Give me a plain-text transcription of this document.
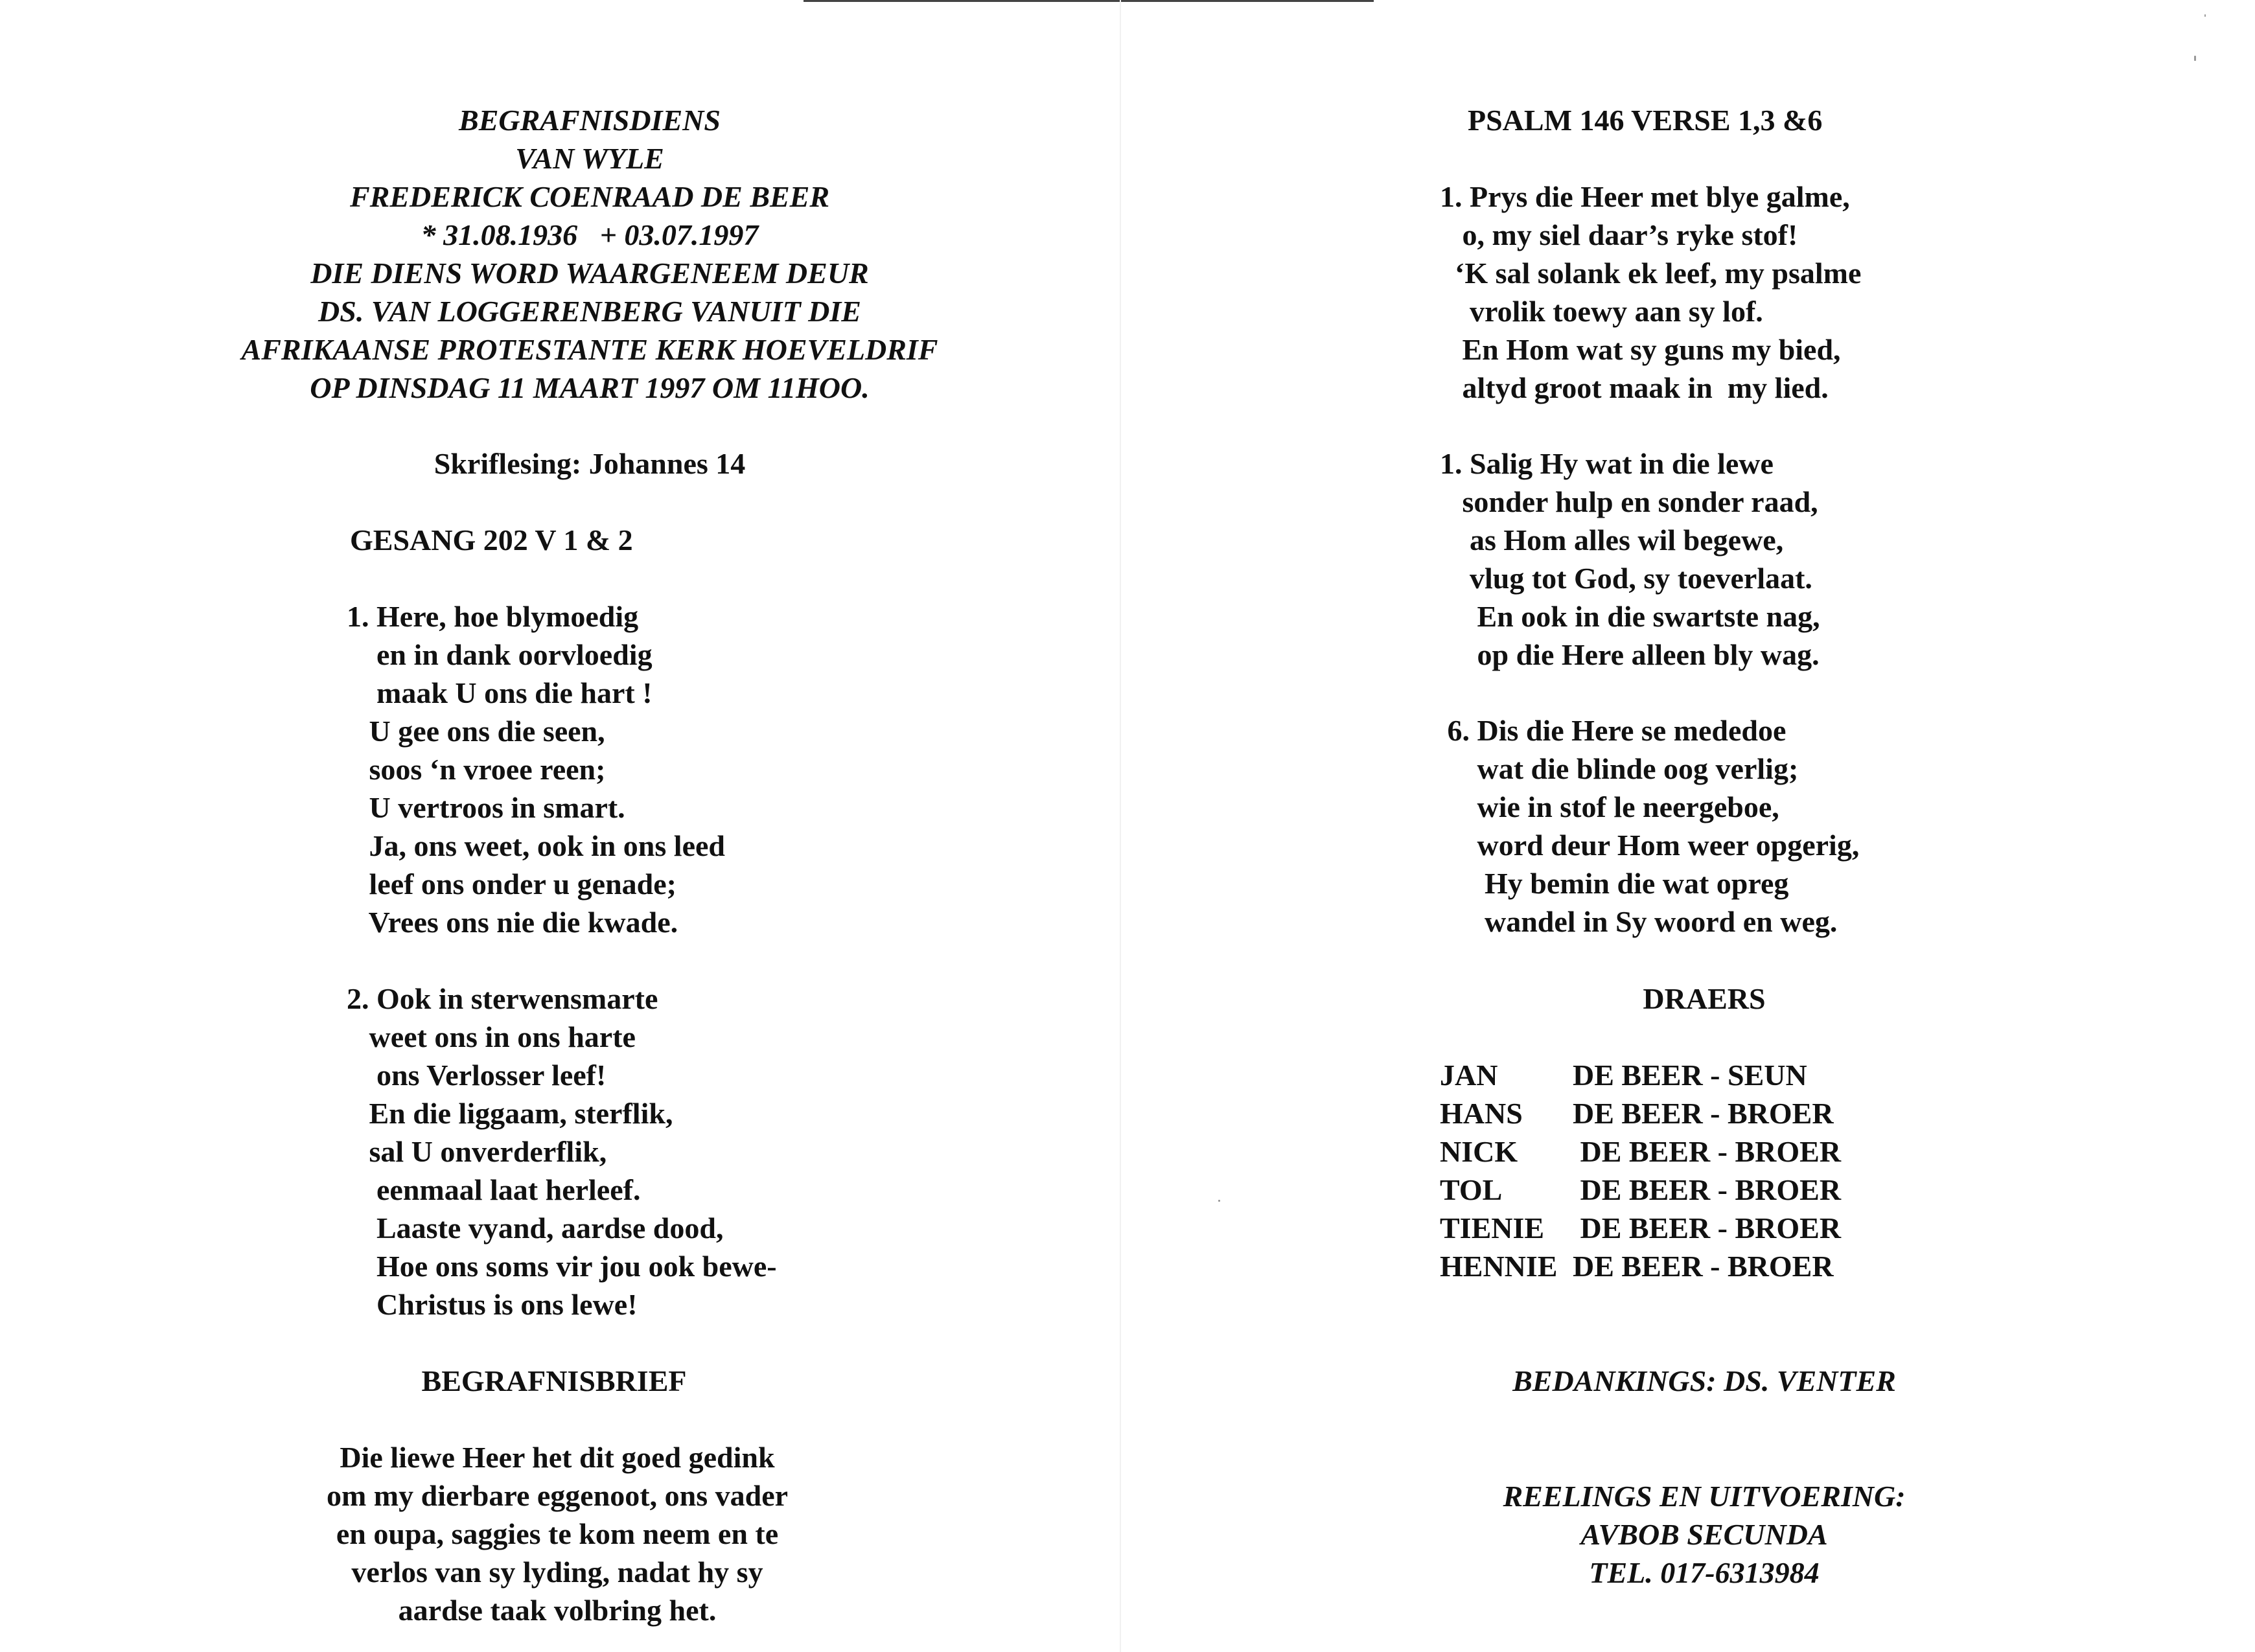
BEGRAFNISDIENS
VAN WYLE
FREDERICK COENRAAD DE BEER
* 31.08.1936   + 03.07.1997
DIE DIENS WORD WAARGENEEM DEUR
DS. VAN LOGGERENBERG VANUIT DIE
AFRIKAANSE PROTESTANTE KERK HOEVELDRIF
OP DINSDAG 11 MAART 1997 OM 11HOO.
Skriflesing: Johannes 14
GESANG 202 V 1 & 2
1. Here, hoe blymoedig
en in dank oorvloedig
maak U ons die hart !
U gee ons die seen,
soos ‘n vroee reen;
U vertroos in smart.
Ja, ons weet, ook in ons leed
leef ons onder u genade;
Vrees ons nie die kwade.
2. Ook in sterwensmarte
weet ons in ons harte
ons Verlosser leef!
En die liggaam, sterflik,
sal U onverderflik,
eenmaal laat herleef.
Laaste vyand, aardse dood,
Hoe ons soms vir jou ook bewe-
Christus is ons lewe!
BEGRAFNISBRIEF
Die liewe Heer het dit goed gedink
om my dierbare eggenoot, ons vader
en oupa, saggies te kom neem en te
verlos van sy lyding, nadat hy sy
aardse taak volbring het.
PSALM 146 VERSE 1,3 &6
1. Prys die Heer met blye galme,
o, my siel daar’s ryke stof!
‘K sal solank ek leef, my psalme
vrolik toewy aan sy lof.
En Hom wat sy guns my bied,
altyd groot maak in  my lied.
1. Salig Hy wat in die lewe
sonder hulp en sonder raad,
as Hom alles wil begewe,
vlug tot God, sy toeverlaat.
En ook in die swartste nag,
op die Here alleen bly wag.
6. Dis die Here se mededoe
wat die blinde oog verlig;
wie in stof le neergeboe,
word deur Hom weer opgerig,
Hy bemin die wat opreg
wandel in Sy woord en weg.
DRAERS
JAN	DE BEER - SEUN
HANS DE BEER - BROER
NICK DE BEER - BROER
TOL DE BEER - BROER
TIENIE DE BEER - BROER
HENNIE DE BEER - BROER
BEDANKINGS: DS. VENTER
REELINGS EN UITVOERING:
AVBOB SECUNDA
TEL. 017-6313984
